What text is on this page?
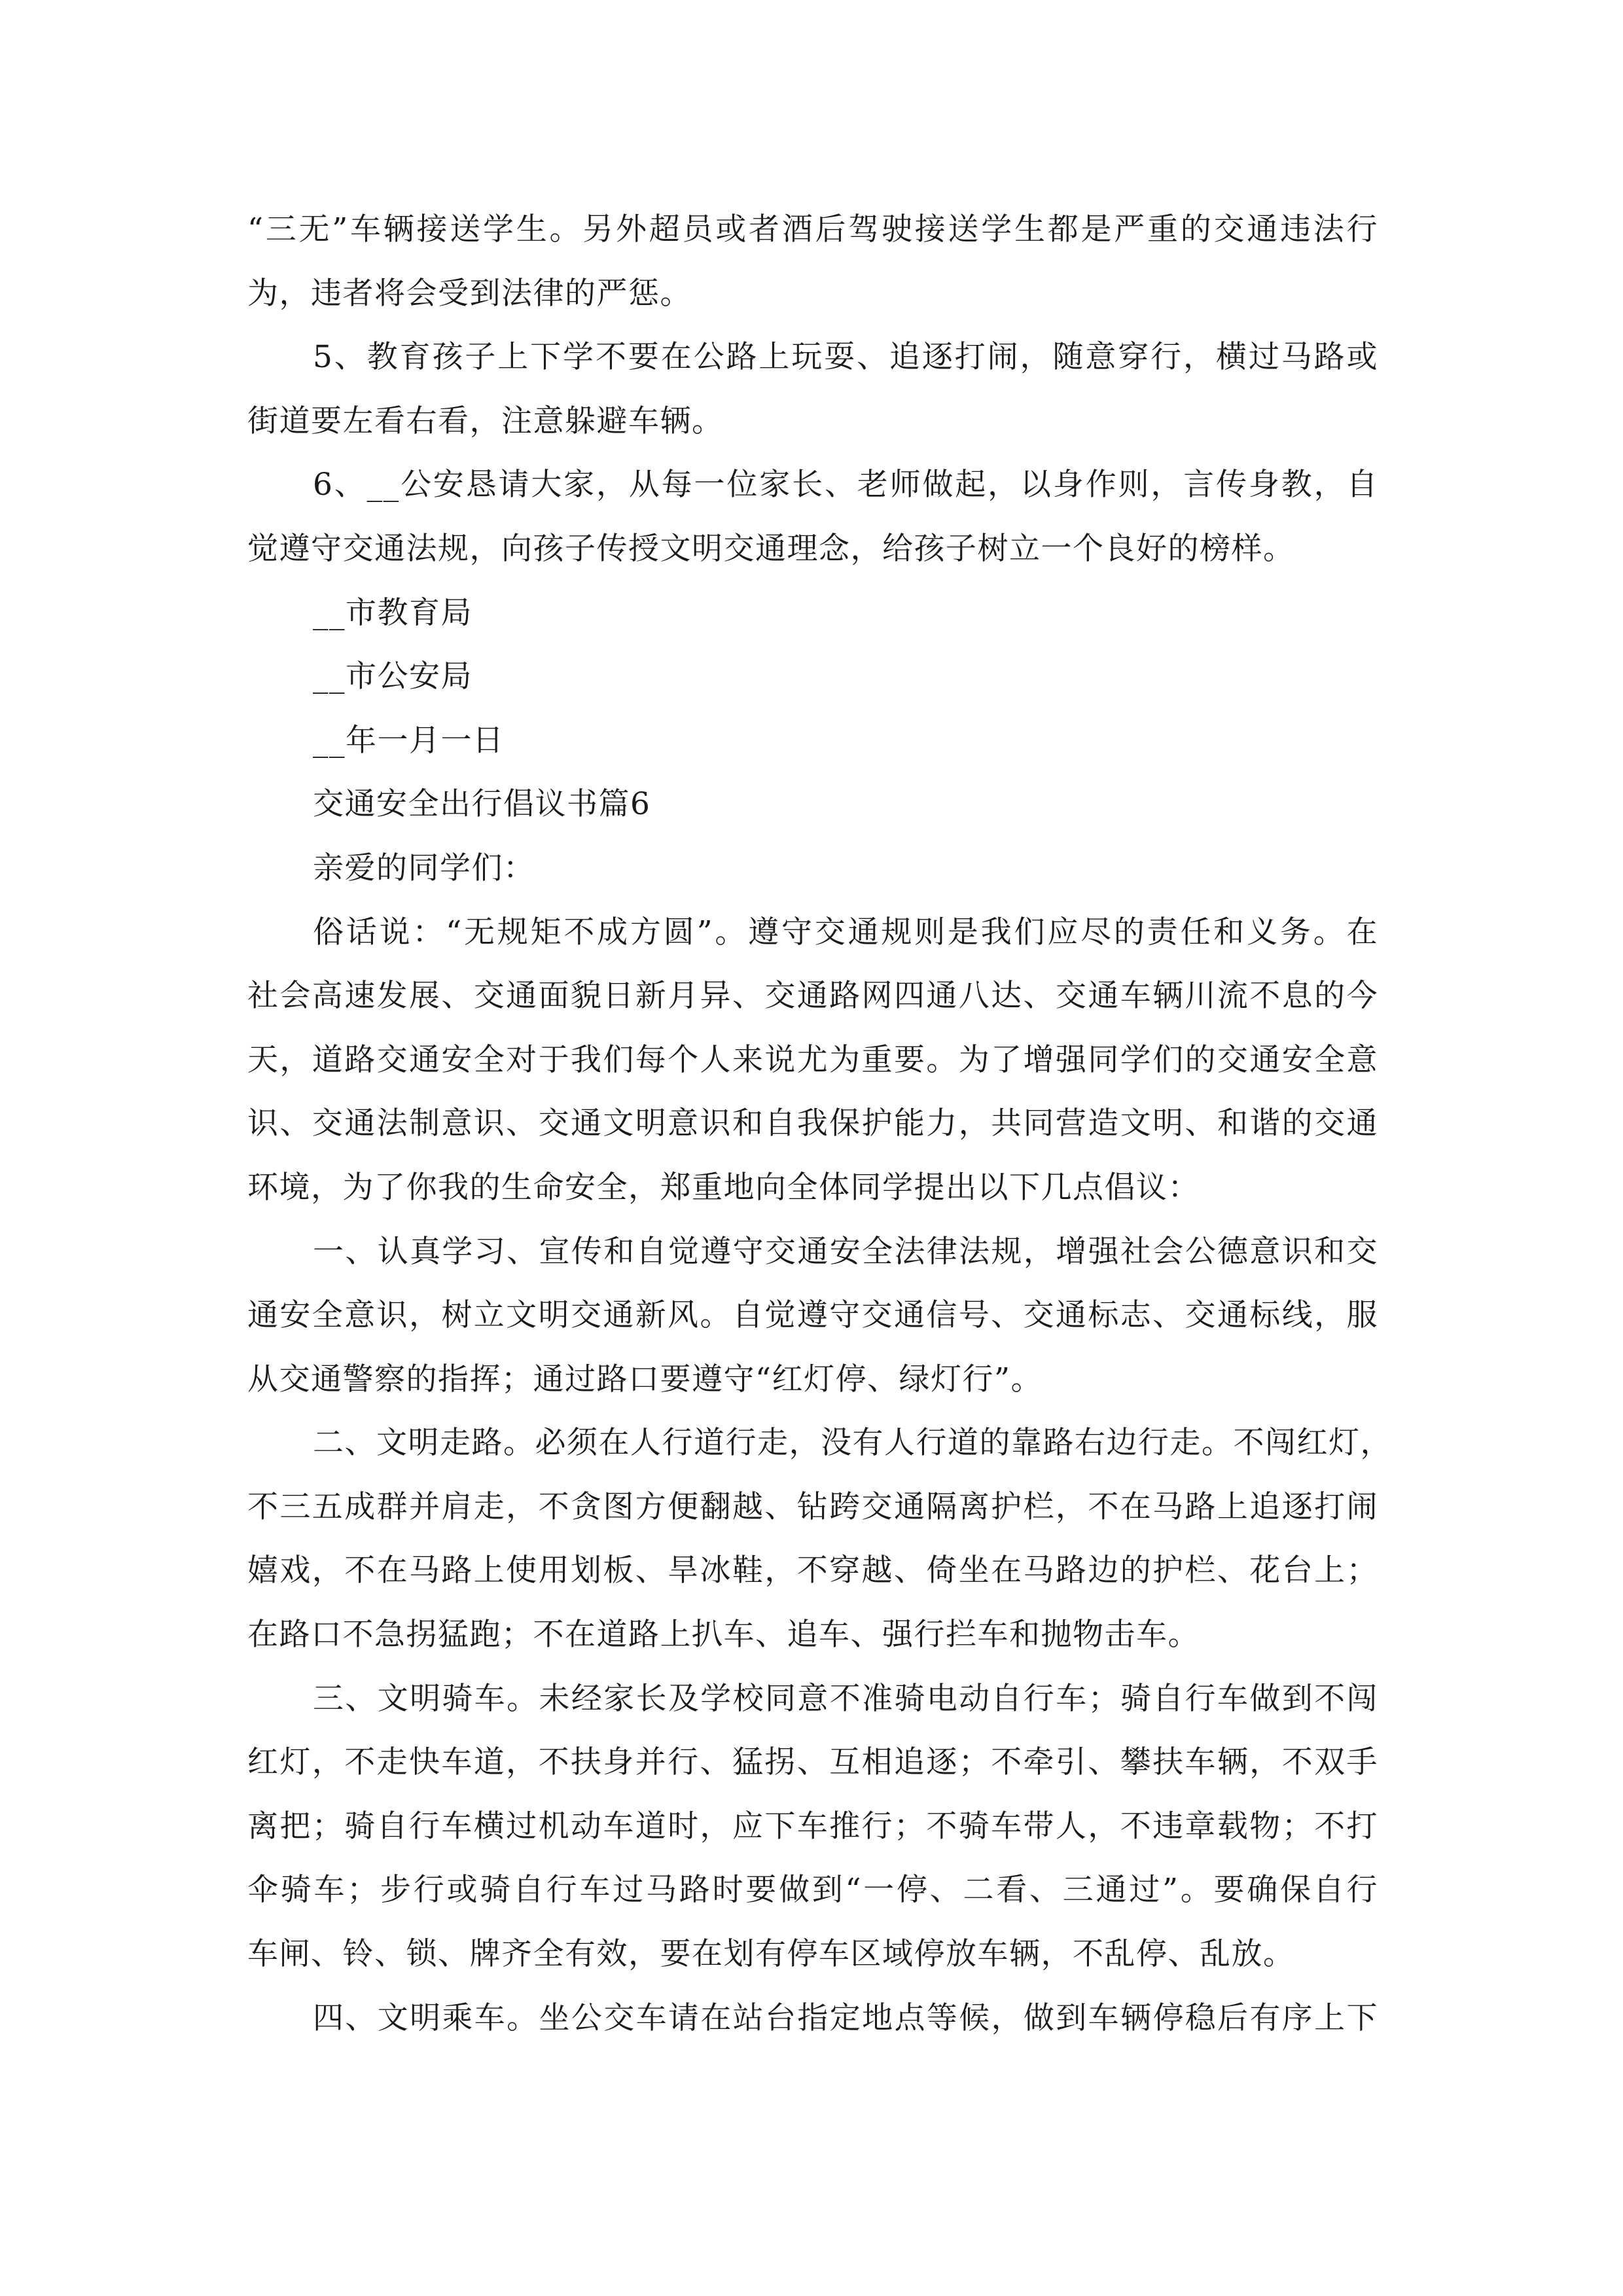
“三无”车辆接送学生。另外超员或者酒后驾驶接送学生都是严重的交通违法行
为，违者将会受到法律的严惩。
5、教育孩子上下学不要在公路上玩耍、追逐打闹，随意穿行，横过马路或
街道要左看右看，注意躲避车辆。
6、__公安恳请大家，从每一位家长、老师做起，以身作则，言传身教，自
觉遵守交通法规，向孩子传授文明交通理念，给孩子树立一个良好的榜样。
__市教育局
__市公安局
__年一月一日
交通安全出行倡议书篇6
亲爱的同学们：
俗话说：“无规矩不成方圆”。遵守交通规则是我们应尽的责任和义务。在
社会高速发展、交通面貌日新月异、交通路网四通八达、交通车辆川流不息的今
天，道路交通安全对于我们每个人来说尤为重要。为了增强同学们的交通安全意
识、交通法制意识、交通文明意识和自我保护能力，共同营造文明、和谐的交通
环境，为了你我的生命安全，郑重地向全体同学提出以下几点倡议：
一、认真学习、宣传和自觉遵守交通安全法律法规，增强社会公德意识和交
通安全意识，树立文明交通新风。自觉遵守交通信号、交通标志、交通标线，服
从交通警察的指挥；通过路口要遵守“红灯停、绿灯行”。
二、文明走路。必须在人行道行走，没有人行道的靠路右边行走。不闯红灯，
不三五成群并肩走，不贪图方便翻越、钻跨交通隔离护栏，不在马路上追逐打闹
嬉戏，不在马路上使用划板、旱冰鞋，不穿越、倚坐在马路边的护栏、花台上；
在路口不急拐猛跑；不在道路上扒车、追车、强行拦车和抛物击车。
三、文明骑车。未经家长及学校同意不准骑电动自行车；骑自行车做到不闯
红灯，不走快车道，不扶身并行、猛拐、互相追逐；不牵引、攀扶车辆，不双手
离把；骑自行车横过机动车道时，应下车推行；不骑车带人，不违章载物；不打
伞骑车；步行或骑自行车过马路时要做到“一停、二看、三通过”。要确保自行
车闸、铃、锁、牌齐全有效，要在划有停车区域停放车辆，不乱停、乱放。
四、文明乘车。坐公交车请在站台指定地点等候，做到车辆停稳后有序上下
